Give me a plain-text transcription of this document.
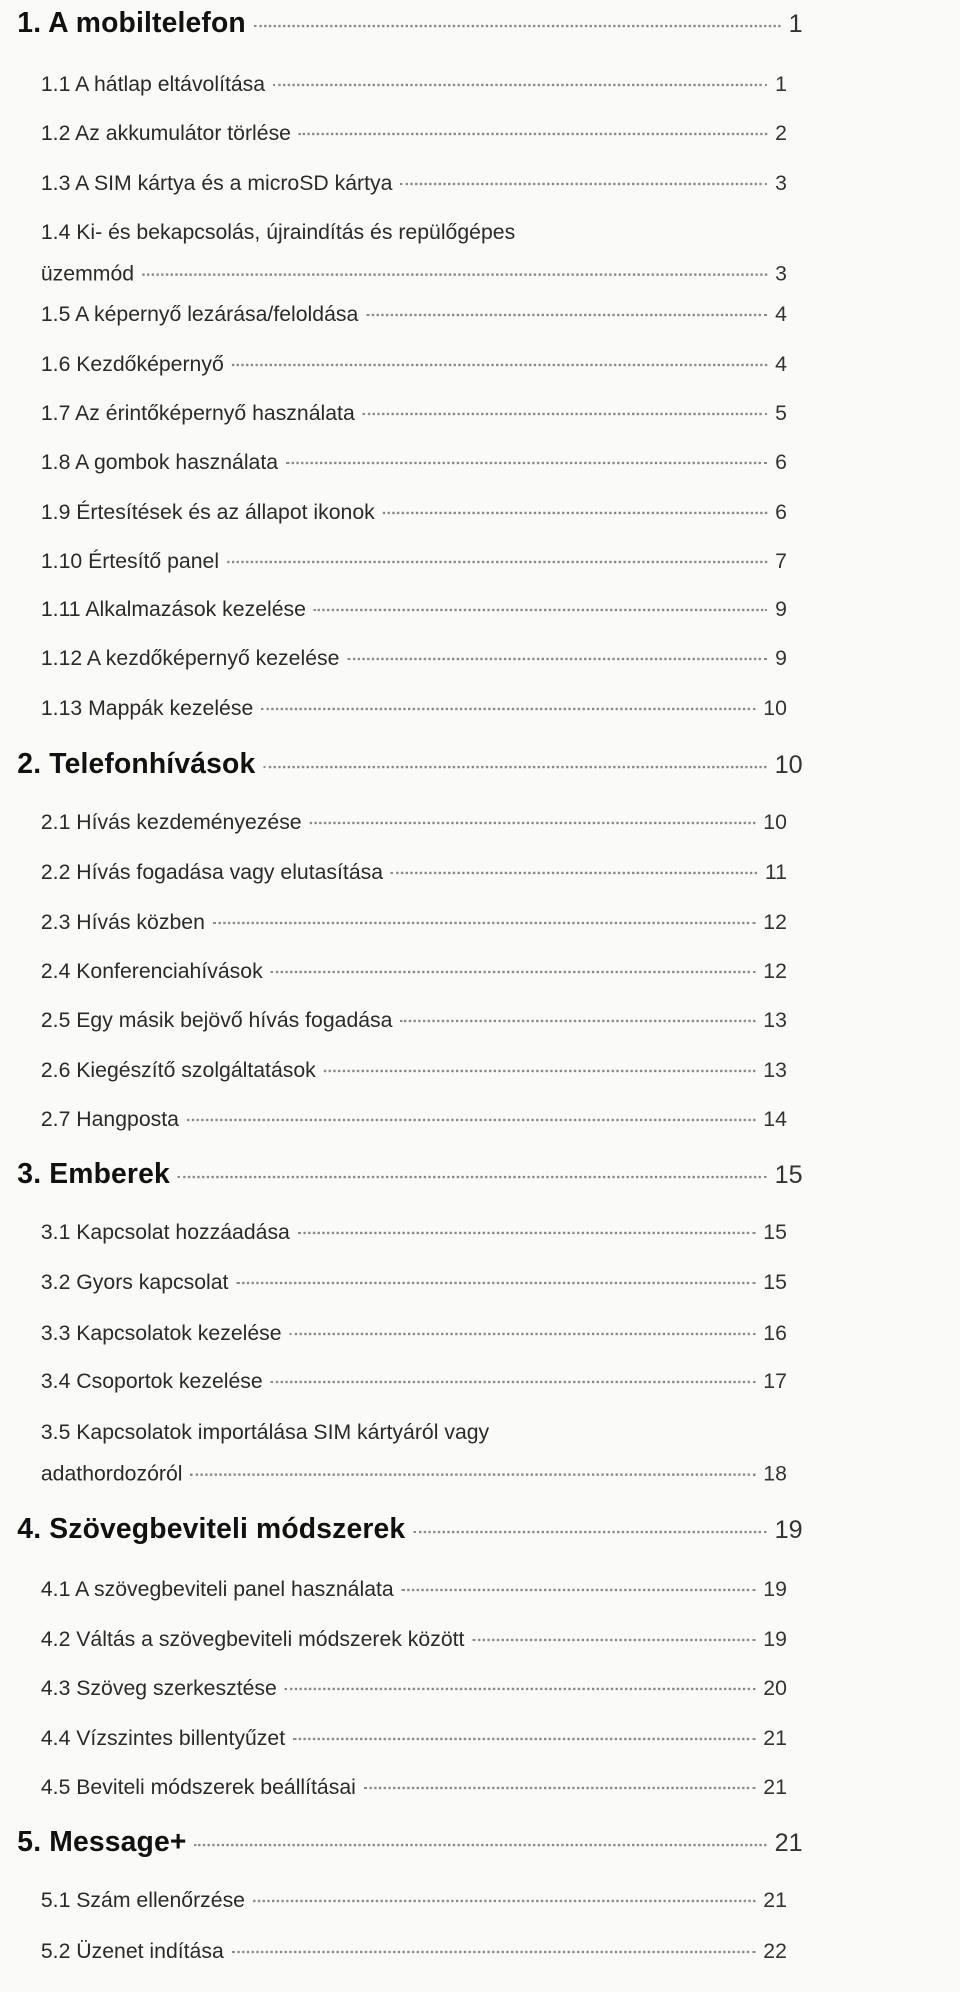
1. A mobiltelefon	1
1.1 A hátlap eltávolítása	1
1.2 Az akkumulátor törlése	2
1.3 A SIM kártya és a microSD kártya	3
1.4 Ki- és bekapcsolás, újraindítás és repülőgépes
üzemmód	3
1.5 A képernyő lezárása/feloldása	4
1.6 Kezdőképernyő	4
1.7 Az érintőképernyő használata	5
1.8 A gombok használata	6
1.9 Értesítések és az állapot ikonok	6
1.10 Értesítő panel	7
1.11 Alkalmazások kezelése	9
1.12 A kezdőképernyő kezelése	9
1.13 Mappák kezelése	10
2. Telefonhívások	10
2.1 Hívás kezdeményezése	10
2.2 Hívás fogadása vagy elutasítása	11
2.3 Hívás közben	12
2.4 Konferenciahívások	12
2.5 Egy másik bejövő hívás fogadása	13
2.6 Kiegészítő szolgáltatások	13
2.7 Hangposta	14
3. Emberek	15
3.1 Kapcsolat hozzáadása	15
3.2 Gyors kapcsolat	15
3.3 Kapcsolatok kezelése	16
3.4 Csoportok kezelése	17
3.5 Kapcsolatok importálása SIM kártyáról vagy
adathordozóról	18
4. Szövegbeviteli módszerek	19
4.1 A szövegbeviteli panel használata	19
4.2 Váltás a szövegbeviteli módszerek között	19
4.3 Szöveg szerkesztése	20
4.4 Vízszintes billentyűzet	21
4.5 Beviteli módszerek beállításai	21
5. Message+	21
5.1 Szám ellenőrzése	21
5.2 Üzenet indítása	22
